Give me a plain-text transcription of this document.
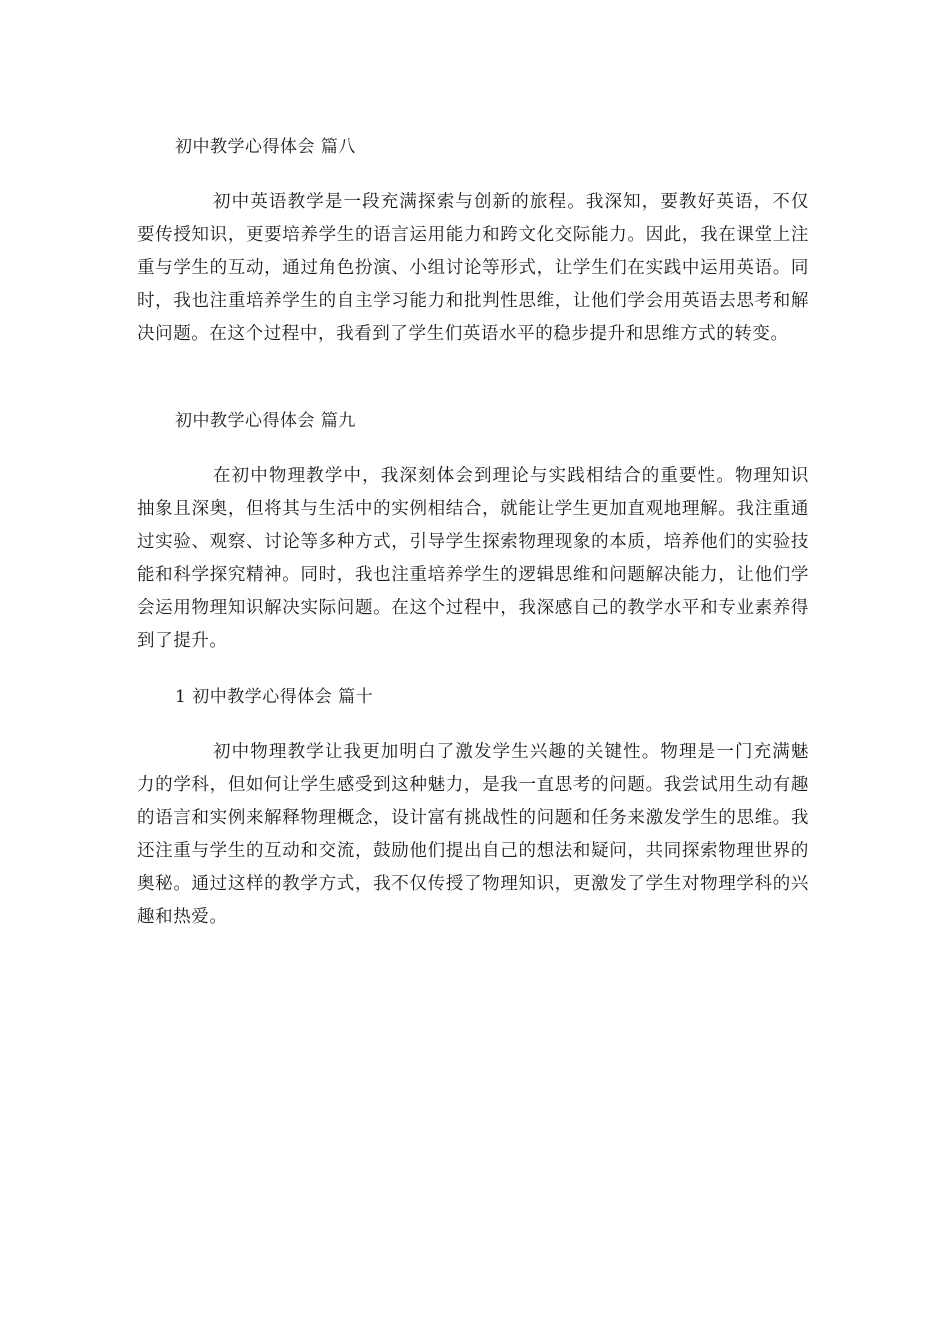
初中教学心得体会 篇八

初中英语教学是一段充满探索与创新的旅程。我深知，要教好英语，不仅要传授知识，更要培养学生的语言运用能力和跨文化交际能力。因此，我在课堂上注重与学生的互动，通过角色扮演、小组讨论等形式，让学生们在实践中运用英语。同时，我也注重培养学生的自主学习能力和批判性思维，让他们学会用英语去思考和解决问题。在这个过程中，我看到了学生们英语水平的稳步提升和思维方式的转变。

初中教学心得体会 篇九

在初中物理教学中，我深刻体会到理论与实践相结合的重要性。物理知识抽象且深奥，但将其与生活中的实例相结合，就能让学生更加直观地理解。我注重通过实验、观察、讨论等多种方式，引导学生探索物理现象的本质，培养他们的实验技能和科学探究精神。同时，我也注重培养学生的逻辑思维和问题解决能力，让他们学会运用物理知识解决实际问题。在这个过程中，我深感自己的教学水平和专业素养得到了提升。

1 初中教学心得体会 篇十

初中物理教学让我更加明白了激发学生兴趣的关键性。物理是一门充满魅力的学科，但如何让学生感受到这种魅力，是我一直思考的问题。我尝试用生动有趣的语言和实例来解释物理概念，设计富有挑战性的问题和任务来激发学生的思维。我还注重与学生的互动和交流，鼓励他们提出自己的想法和疑问，共同探索物理世界的奥秘。通过这样的教学方式，我不仅传授了物理知识，更激发了学生对物理学科的兴趣和热爱。
